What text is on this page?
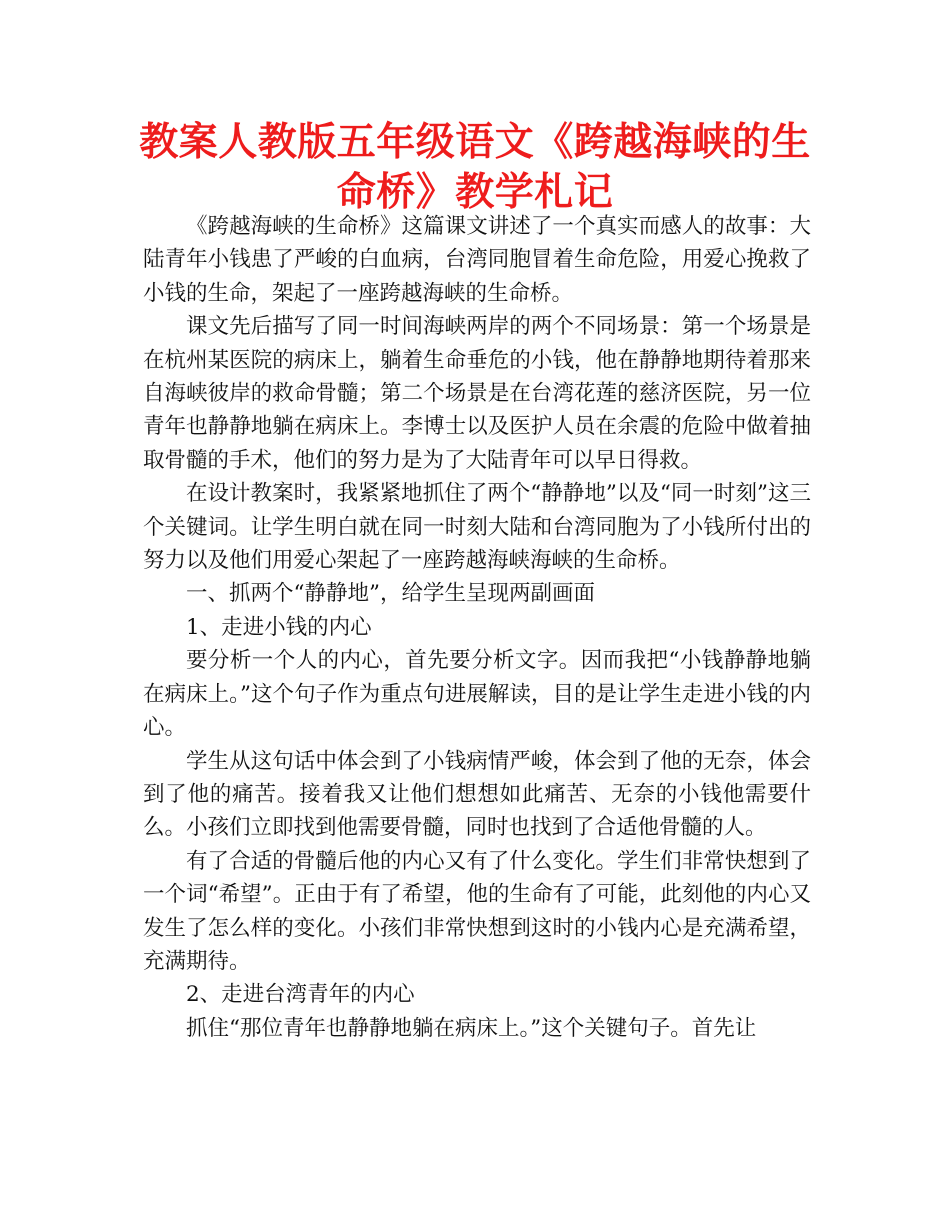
教案人教版五年级语文《跨越海峡的生命桥》教学札记

《跨越海峡的生命桥》这篇课文讲述了一个真实而感人的故事：大陆青年小钱患了严峻的白血病，台湾同胞冒着生命危险，用爱心挽救了小钱的生命，架起了一座跨越海峡的生命桥。

课文先后描写了同一时间海峡两岸的两个不同场景：第一个场景是在杭州某医院的病床上，躺着生命垂危的小钱，他在静静地期待着那来自海峡彼岸的救命骨髓；第二个场景是在台湾花莲的慈济医院，另一位青年也静静地躺在病床上。李博士以及医护人员在余震的危险中做着抽取骨髓的手术，他们的努力是为了大陆青年可以早日得救。

在设计教案时，我紧紧地抓住了两个“静静地”以及“同一时刻”这三个关键词。让学生明白就在同一时刻大陆和台湾同胞为了小钱所付出的努力以及他们用爱心架起了一座跨越海峡海峡的生命桥。

一、抓两个“静静地”，给学生呈现两副画面

1、走进小钱的内心

要分析一个人的内心，首先要分析文字。因而我把“小钱静静地躺在病床上。”这个句子作为重点句进展解读，目的是让学生走进小钱的内心。

学生从这句话中体会到了小钱病情严峻，体会到了他的无奈，体会到了他的痛苦。接着我又让他们想想如此痛苦、无奈的小钱他需要什么。小孩们立即找到他需要骨髓，同时也找到了合适他骨髓的人。

有了合适的骨髓后他的内心又有了什么变化。学生们非常快想到了一个词“希望”。正由于有了希望，他的生命有了可能，此刻他的内心又发生了怎么样的变化。小孩们非常快想到这时的小钱内心是充满希望，充满期待。

2、走进台湾青年的内心

抓住“那位青年也静静地躺在病床上。”这个关键句子。首先让
